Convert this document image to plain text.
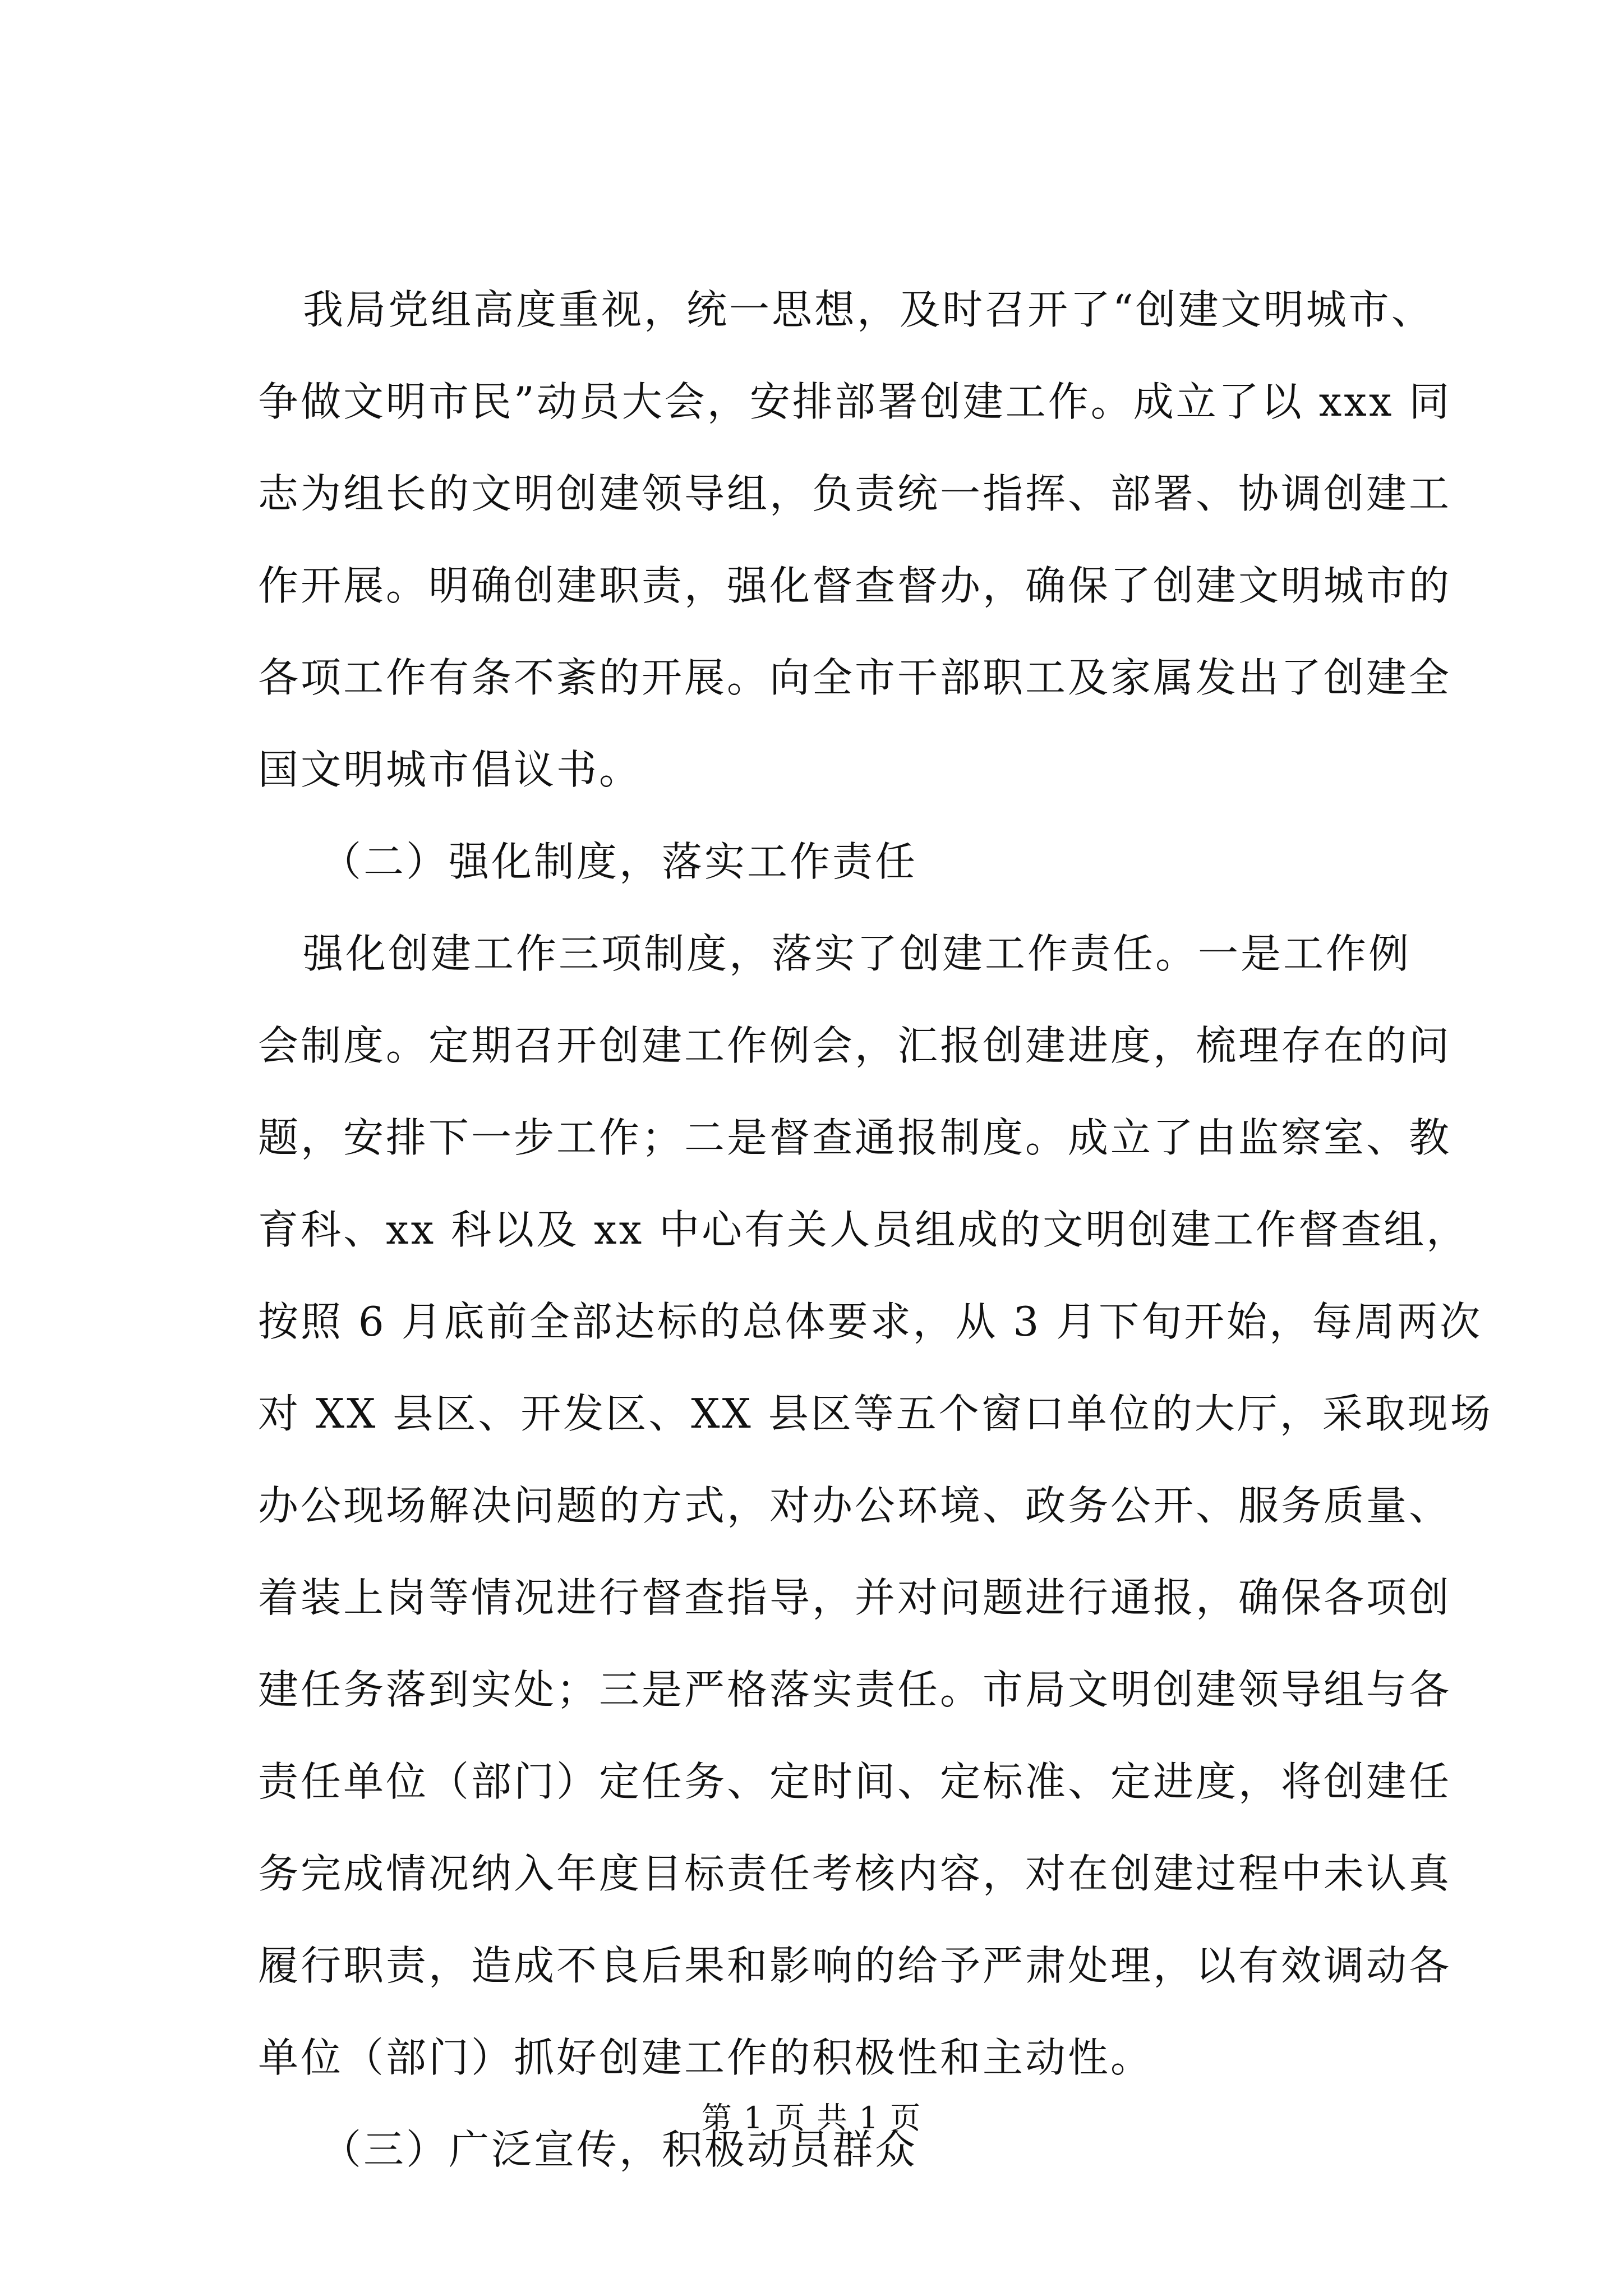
我局党组高度重视，统一思想，及时召开了“创建文明城市、
争做文明市民”动员大会，安排部署创建工作。成立了以 xxx 同
志为组长的文明创建领导组，负责统一指挥、部署、协调创建工
作开展。明确创建职责，强化督查督办，确保了创建文明城市的
各项工作有条不紊的开展。向全市干部职工及家属发出了创建全
国文明城市倡议书。
（二）强化制度，落实工作责任
强化创建工作三项制度，落实了创建工作责任。一是工作例
会制度。定期召开创建工作例会，汇报创建进度，梳理存在的问
题，安排下一步工作；二是督查通报制度。成立了由监察室、教
育科、xx 科以及 xx 中心有关人员组成的文明创建工作督查组，
按照 6 月底前全部达标的总体要求，从 3 月下旬开始，每周两次
对 XX 县区、开发区、XX 县区等五个窗口单位的大厅，采取现场
办公现场解决问题的方式，对办公环境、政务公开、服务质量、
着装上岗等情况进行督查指导，并对问题进行通报，确保各项创
建任务落到实处；三是严格落实责任。市局文明创建领导组与各
责任单位（部门）定任务、定时间、定标准、定进度，将创建任
务完成情况纳入年度目标责任考核内容，对在创建过程中未认真
履行职责，造成不良后果和影响的给予严肃处理，以有效调动各
单位（部门）抓好创建工作的积极性和主动性。
（三）广泛宣传，积极动员群众
第 1 页 共 1 页
